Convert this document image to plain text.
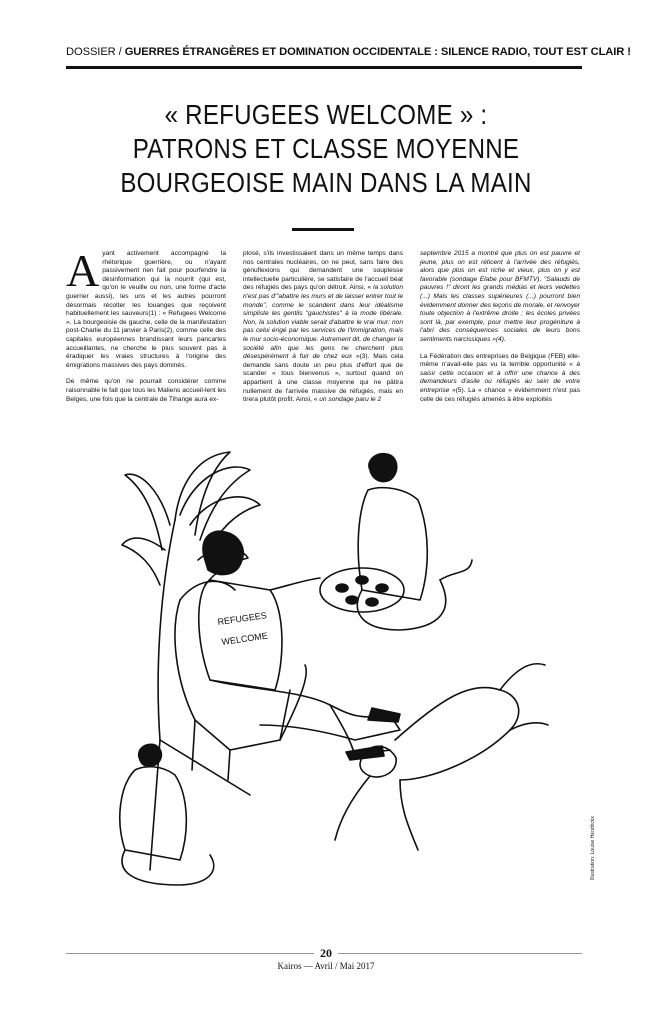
DOSSIER / GUERRES ÉTRANGÈRES ET DOMINATION OCCIDENTALE : SILENCE RADIO, TOUT EST CLAIR !
« REFUGEES WELCOME » :
PATRONS ET CLASSE MOYENNE
BOURGEOISE MAIN DANS LA MAIN

Ayant activement accompagné la rhétorique guerrière, ou n'ayant passivement rien fait pour pourfendre la désinformation qui la nourrit (qui est, qu'on le veuille ou non, une forme d'acte guerrier aussi), les uns et les autres pourront désormais récolter les louanges que reçoivent habituellement les sauveurs(1) : « Refugees Welcome ». La bourgeoisie de gauche, celle de la manifestation post-Charlie du 11 janvier à Paris(2), comme celle des capitales européennes brandissant leurs pancartes accueillantes, ne cherche le plus souvent pas à éradiquer les vraies structures à l'origine des émigrations massives des pays dominés.

De même qu'on ne pourrait considérer comme raisonnable le fait que tous les Maliens accueil-lent les Belges, une fois que la centrale de Tihange aura ex-

plosé, s'ils investissaient dans un même temps dans nos centrales nucléaires, on ne peut, sans faire des génuflexions qui demandent une souplesse intellectuelle particulière, se satisfaire de l'accueil béat des réfugiés des pays qu'on détruit. Ainsi, « la solution n'est pas d'"abattre les murs et de laisser entrer tout le monde", comme le scandent dans leur idéalisme simpliste les gentils "gauchistes" à la mode libérale. Non, la solution viable serait d'abattre le vrai mur: non pas celui érigé par les services de l'Immigration, mais le mur socio-économique. Autrement dit, de changer la société afin que les gens ne cherchent plus désespérément à fuir de chez eux »(3). Mais cela demande sans doute un peu plus d'effort que de scander « tous bienvenus », surtout quand on appartient à une classe moyenne qui ne pâtira nullement de l'arrivée massive de réfugiés, mais en tirera plutôt profit. Ainsi, « un sondage paru le 2

septembre 2015 a montré que plus on est pauvre et jeune, plus on est réticent à l'arrivée des réfugiés, alors que plus on est riche et vieux, plus on y est favorable (sondage Elabe pour BFMTV). "Salauds de pauvres !" diront les grands médias et leurs vedettes (...) Mais les classes supérieures (...) pourront bien évidemment donner des leçons de morale, et renvoyer toute objection à l'extrême droite ; les écoles privées sont là, par exemple, pour mettre leur progéniture à l'abri des conséquences sociales de leurs bons sentiments narcissiques »(4).

La Fédération des entreprises de Belgique (FEB) elle-même n'avait-elle pas vu la terrible opportunité « à saisir cette occasion et à offrir une chance à des demandeurs d'asile ou réfugiés au sein de votre entreprise »(5). La « chance » évidemment n'est pas celle de ces réfugiés amenés à être exploités

REFUGEES
WELCOME
Illustration: Louise Hendrickx
20
Kairos — Avril / Mai 2017
